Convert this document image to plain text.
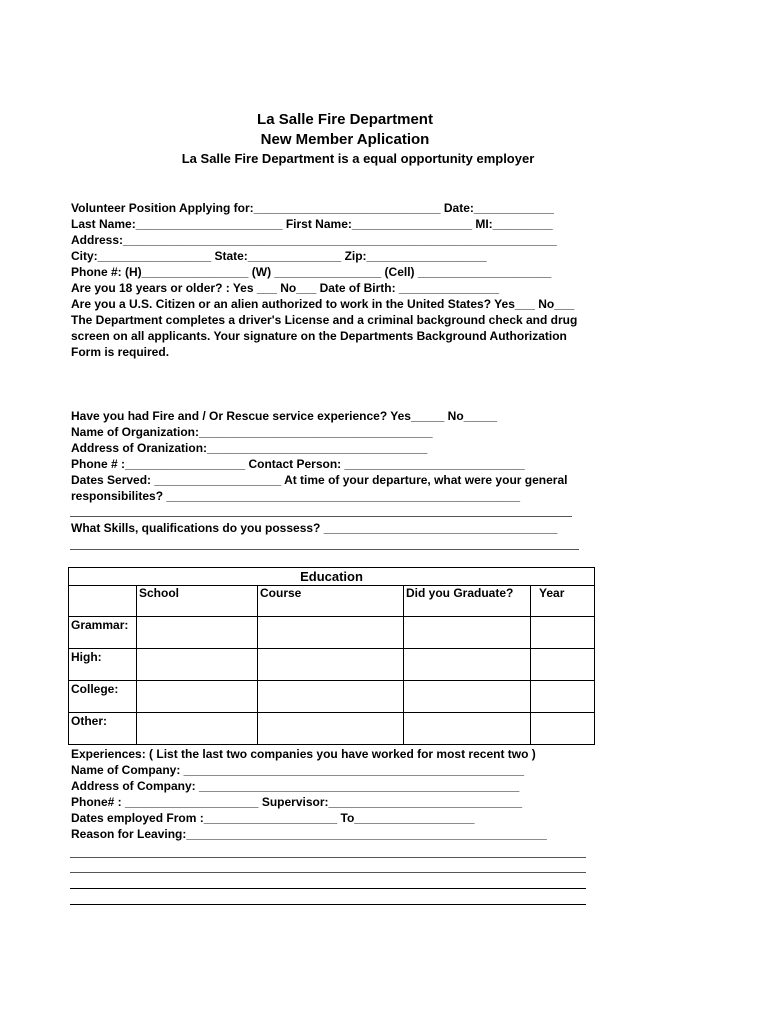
La Salle Fire Department
New Member Aplication
La Salle Fire Department is a equal opportunity employer
Volunteer Position Applying for:____________________________ Date:____________
Last Name:______________________ First Name:__________________ MI:_________
Address:_________________________________________________________________
City:_________________ State:______________ Zip:__________________
Phone #: (H)________________ (W) ________________ (Cell) ____________________
Are you 18 years or older? : Yes ___ No___ Date of Birth: _______________
Are you a U.S. Citizen or an alien authorized to work in the United States? Yes___ No___
The Department completes a driver's License and a criminal background check and drug
screen on all applicants. Your signature on the Departments Background Authorization
Form is required.
Have you had Fire and / Or Rescue service experience? Yes_____ No_____
Name of Organization:___________________________________
Address of Oranization:_________________________________
Phone # :__________________ Contact Person: ___________________________
Dates Served: ___________________ At time of your departure, what were your general
responsibilites? _____________________________________________________
What Skills, qualifications do you possess? ___________________________________
Education				
	School	Course	Did you Graduate?	Year
Grammar:				
High:				
College:				
Other:				
Experiences: ( List the last two companies you have worked for most recent two )
Name of Company: ___________________________________________________
Address of Company: ________________________________________________
Phone# : ____________________ Supervisor:_____________________________
Dates employed From :____________________ To__________________
Reason for Leaving:______________________________________________________
